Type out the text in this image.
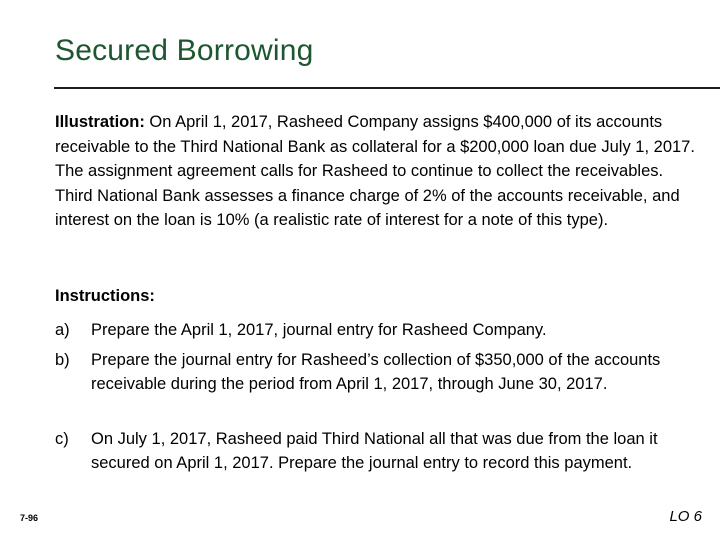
Secured Borrowing
Illustration: On April 1, 2017, Rasheed Company assigns $400,000 of its accounts receivable to the Third National Bank as collateral for a $200,000 loan due July 1, 2017. The assignment agreement calls for Rasheed to continue to collect the receivables. Third National Bank assesses a finance charge of 2% of the accounts receivable, and interest on the loan is 10% (a realistic rate of interest for a note of this type).
Instructions:
a)	Prepare the April 1, 2017, journal entry for Rasheed Company.
b)	Prepare the journal entry for Rasheed’s collection of $350,000 of the accounts receivable during the period from April 1, 2017, through June 30, 2017.
c)	On July 1, 2017, Rasheed paid Third National all that was due from the loan it secured on April 1, 2017. Prepare the journal entry to record this payment.
7-96	LO 6
